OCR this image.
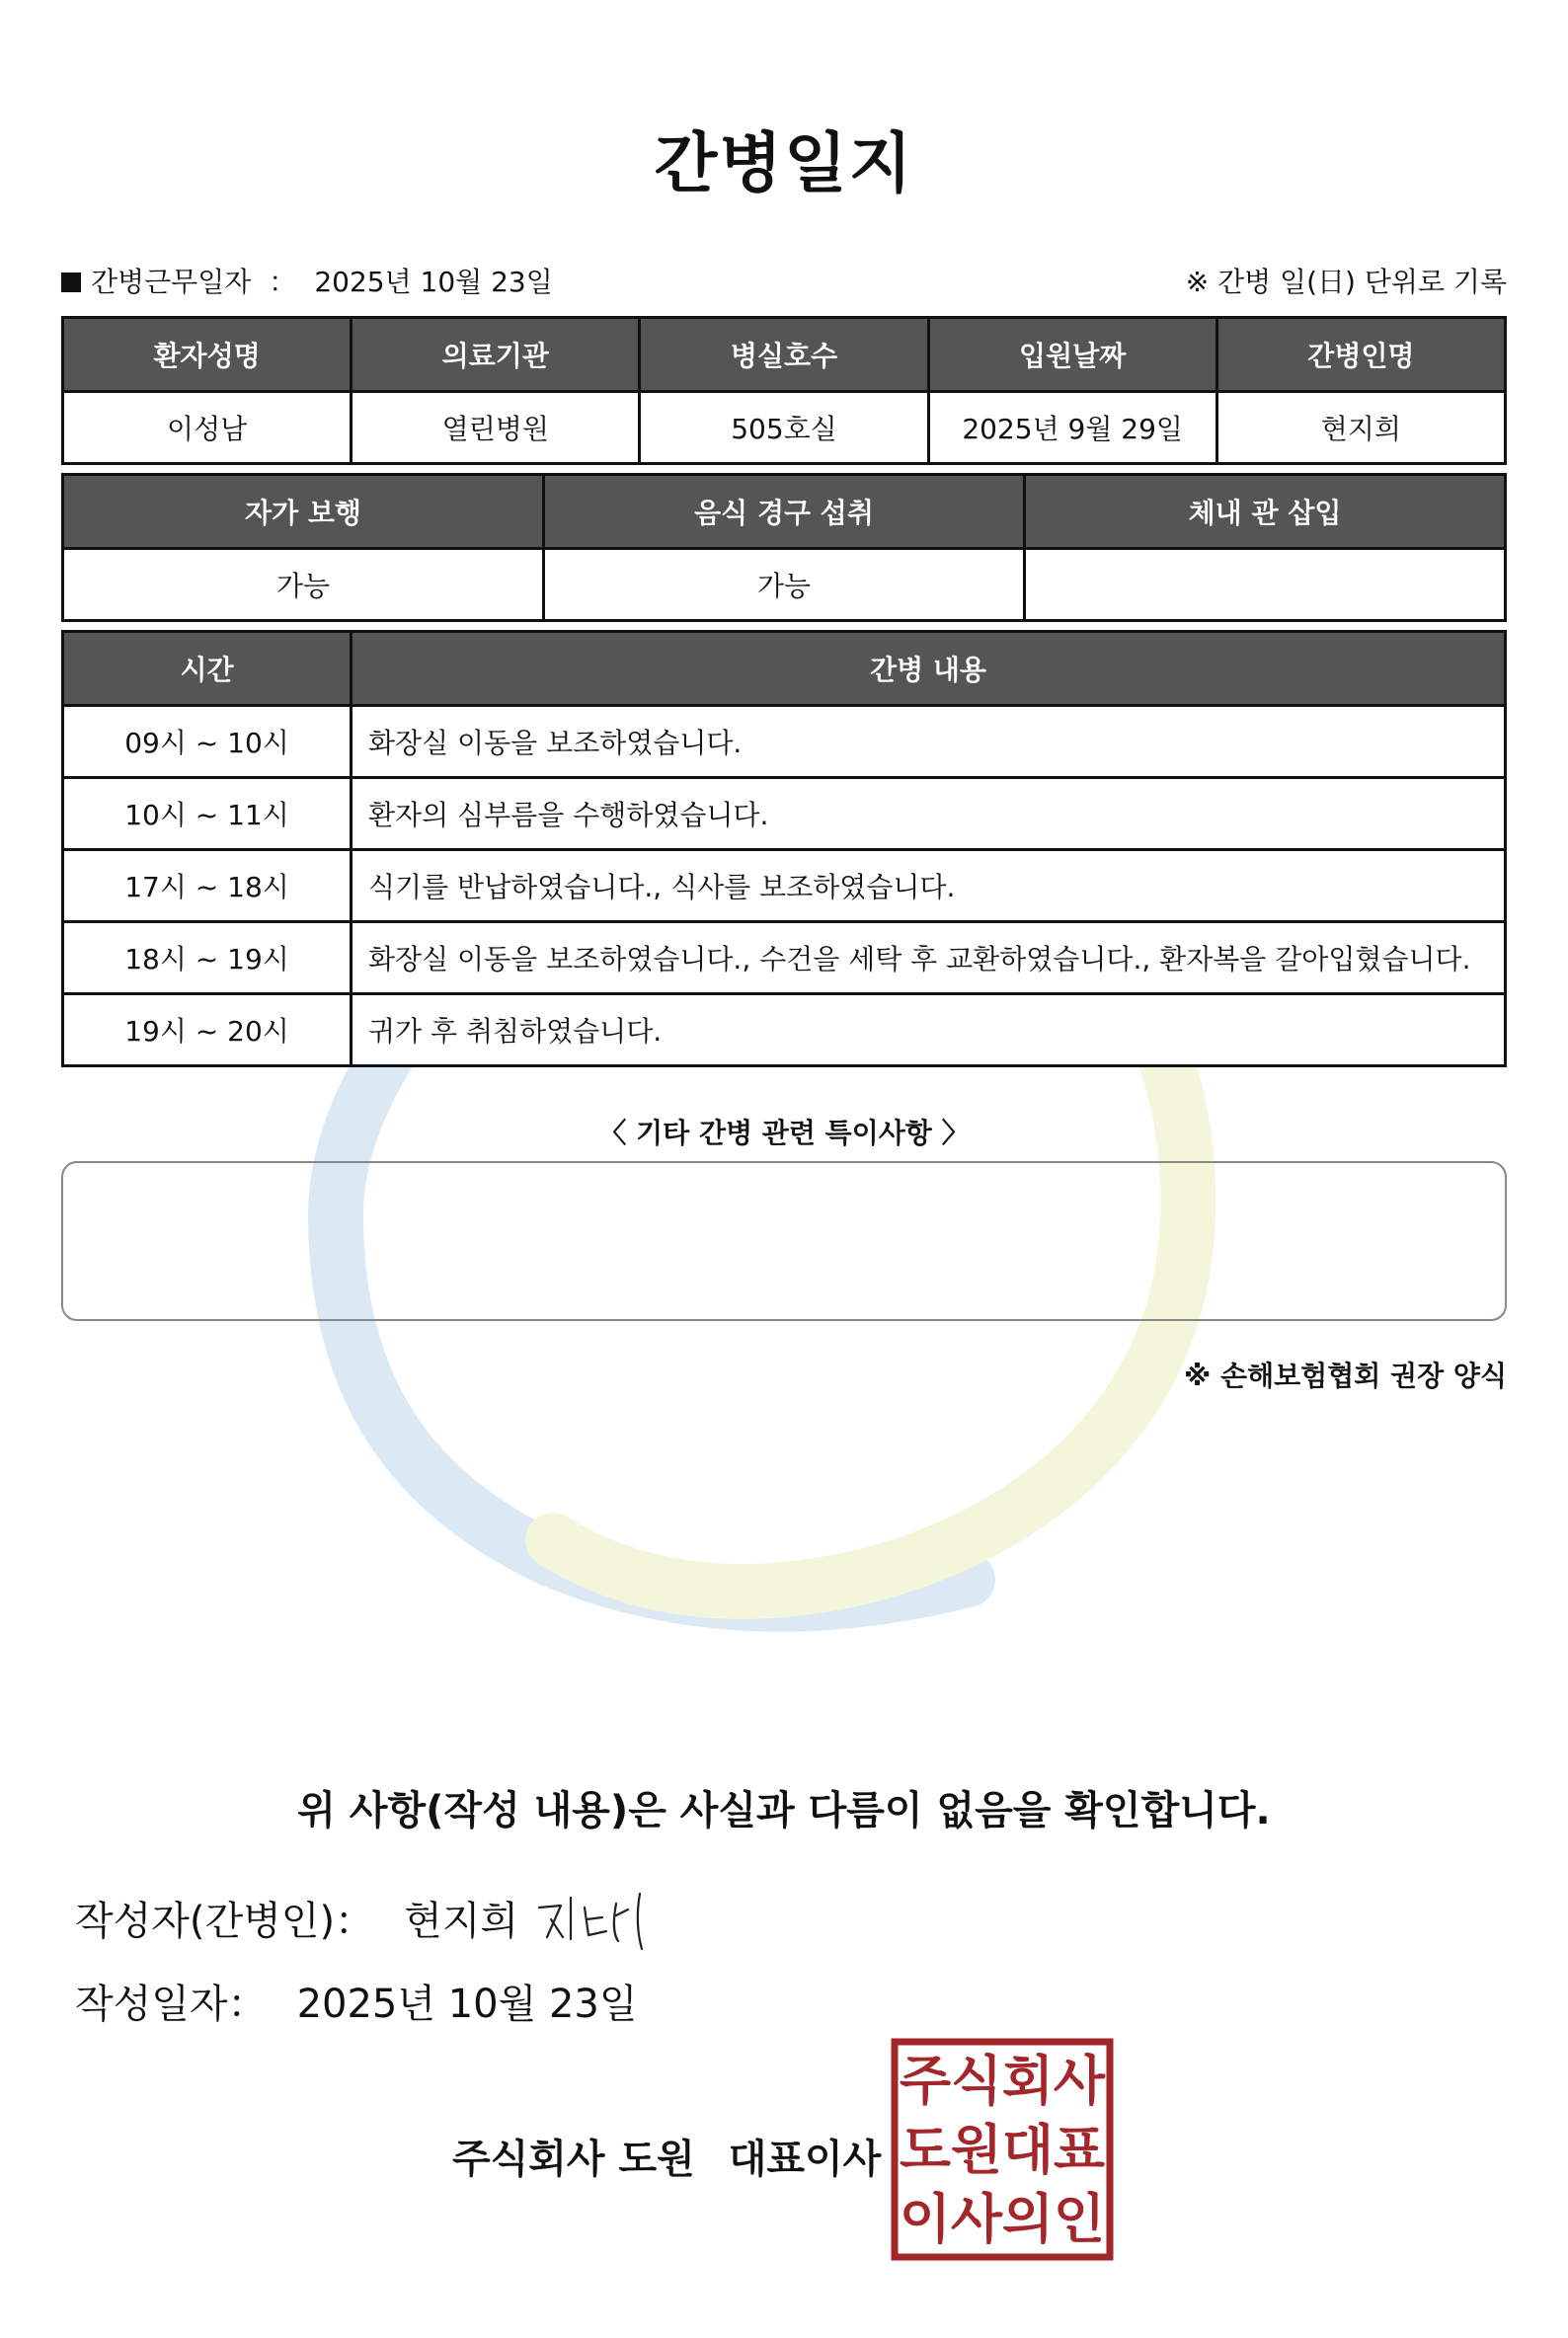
간병일지
간병근무일자 ： 2025년 10월 23일	※ 간병 일(日) 단위로 기록
환자성명	의료기관	병실호수	입원날짜	간병인명
이성남	열린병원	505호실	2025년 9월 29일	현지희
자가 보행	음식 경구 섭취	체내 관 삽입
가능	가능	
시간	간병 내용
09시 ~ 10시	화장실 이동을 보조하였습니다.
10시 ~ 11시	환자의 심부름을 수행하였습니다.
17시 ~ 18시	식기를 반납하였습니다., 식사를 보조하였습니다.
18시 ~ 19시	화장실 이동을 보조하였습니다., 수건을 세탁 후 교환하였습니다., 환자복을 갈아입혔습니다.
19시 ~ 20시	귀가 후 취침하였습니다.
〈 기타 간병 관련 특이사항 〉
※ 손해보험협회 권장 양식
위 사항(작성 내용)은 사실과 다름이 없음을 확인합니다.
작성자(간병인)： 현지희
작성일자： 2025년 10월 23일
주식회사 도원 대표이사
주 식 회 사
도 원 대 표
이 사 의 인
